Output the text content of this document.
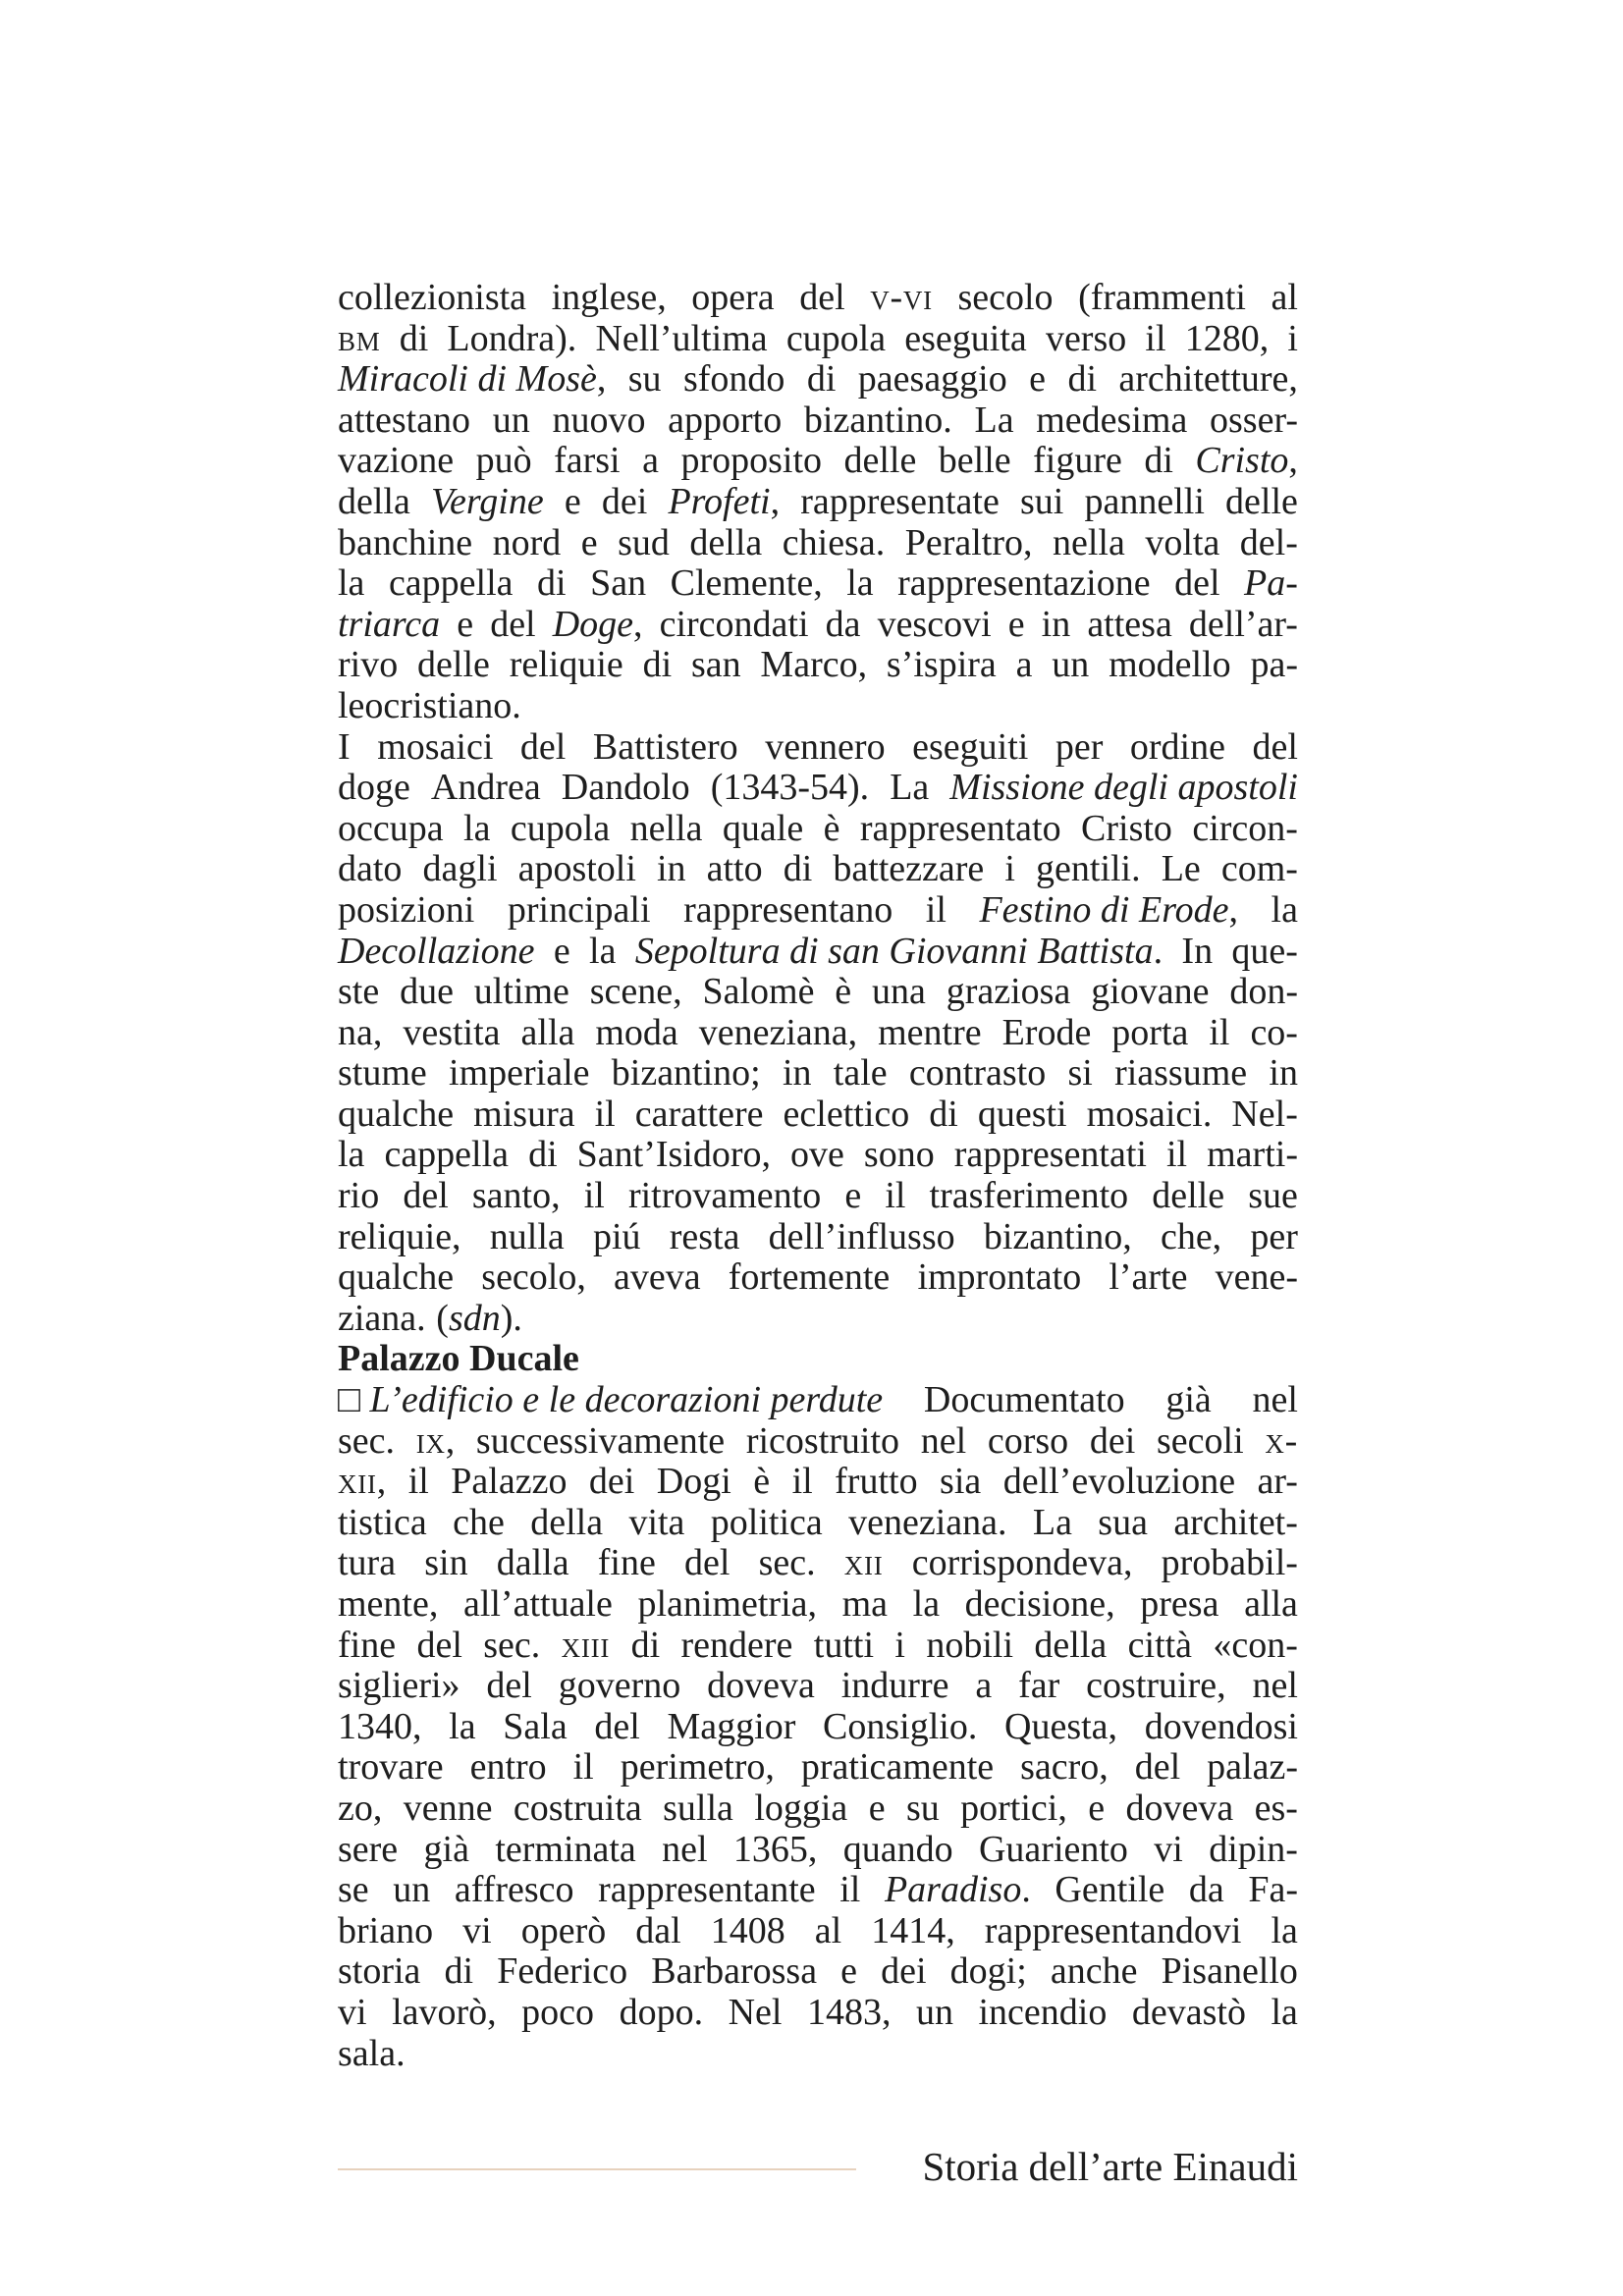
collezionista inglese, opera del v-vi secolo (frammenti al
bm di Londra). Nell’ultima cupola eseguita verso il 1280, i
Miracoli di Mosè, su sfondo di paesaggio e di architetture,
attestano un nuovo apporto bizantino. La medesima osser-
vazione può farsi a proposito delle belle figure di Cristo,
della Vergine e dei Profeti, rappresentate sui pannelli delle
banchine nord e sud della chiesa. Peraltro, nella volta del-
la cappella di San Clemente, la rappresentazione del Pa-
triarca e del Doge, circondati da vescovi e in attesa dell’ar-
rivo delle reliquie di san Marco, s’ispira a un modello pa-
leocristiano.
I mosaici del Battistero vennero eseguiti per ordine del
doge Andrea Dandolo (1343-54). La Missione degli apostoli
occupa la cupola nella quale è rappresentato Cristo circon-
dato dagli apostoli in atto di battezzare i gentili. Le com-
posizioni principali rappresentano il Festino di Erode, la
Decollazione e la Sepoltura di san Giovanni Battista. In que-
ste due ultime scene, Salomè è una graziosa giovane don-
na, vestita alla moda veneziana, mentre Erode porta il co-
stume imperiale bizantino; in tale contrasto si riassume in
qualche misura il carattere eclettico di questi mosaici. Nel-
la cappella di Sant’Isidoro, ove sono rappresentati il marti-
rio del santo, il ritrovamento e il trasferimento delle sue
reliquie, nulla piú resta dell’influsso bizantino, che, per
qualche secolo, aveva fortemente improntato l’arte vene-
ziana. (sdn).
Palazzo Ducale
□ L’edificio e le decorazioni perdute Documentato già nel
sec. ix, successivamente ricostruito nel corso dei secoli x-
xii, il Palazzo dei Dogi è il frutto sia dell’evoluzione ar-
tistica che della vita politica veneziana. La sua architet-
tura sin dalla fine del sec. xii corrispondeva, probabil-
mente, all’attuale planimetria, ma la decisione, presa alla
fine del sec. xiii di rendere tutti i nobili della città «con-
siglieri» del governo doveva indurre a far costruire, nel
1340, la Sala del Maggior Consiglio. Questa, dovendosi
trovare entro il perimetro, praticamente sacro, del palaz-
zo, venne costruita sulla loggia e su portici, e doveva es-
sere già terminata nel 1365, quando Guariento vi dipin-
se un affresco rappresentante il Paradiso. Gentile da Fa-
briano vi operò dal 1408 al 1414, rappresentandovi la
storia di Federico Barbarossa e dei dogi; anche Pisanello
vi lavorò, poco dopo. Nel 1483, un incendio devastò la
sala.
Storia dell’arte Einaudi
